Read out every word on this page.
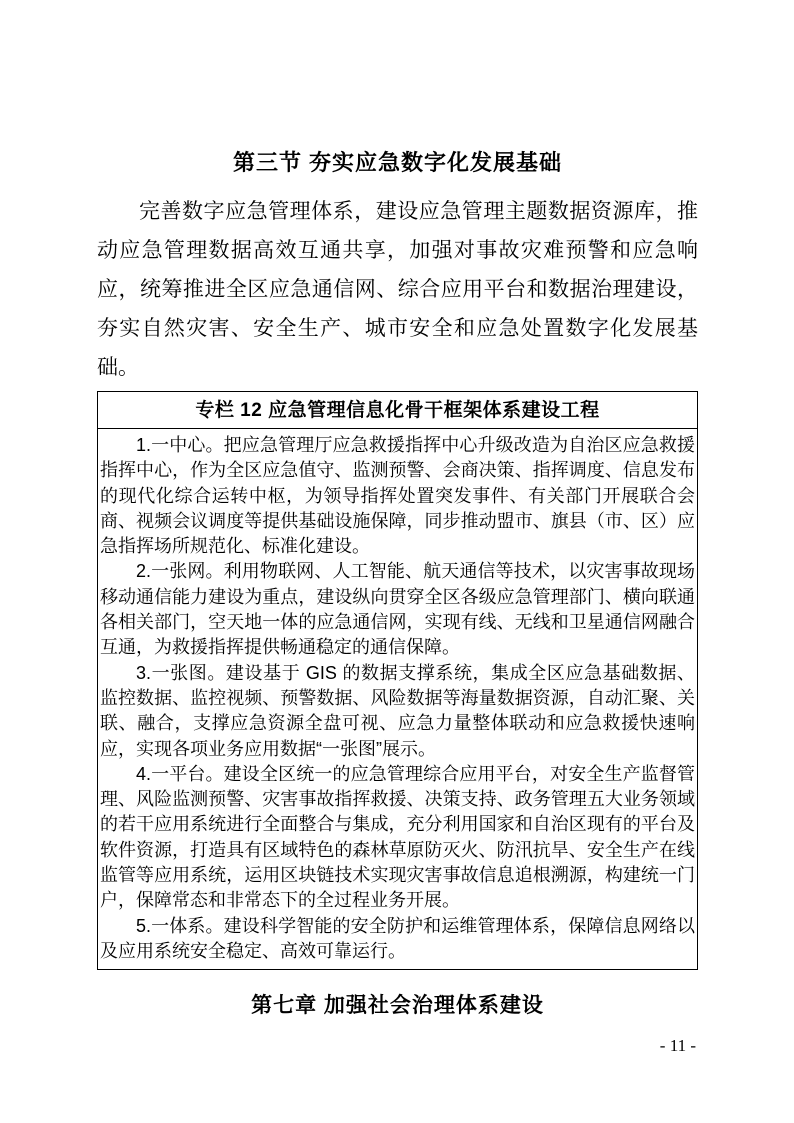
第三节 夯实应急数字化发展基础

完善数字应急管理体系，建设应急管理主题数据资源库，推动应急管理数据高效互通共享，加强对事故灾难预警和应急响应，统筹推进全区应急通信网、综合应用平台和数据治理建设，夯实自然灾害、安全生产、城市安全和应急处置数字化发展基础。

专栏 12 应急管理信息化骨干框架体系建设工程

1.一中心。把应急管理厅应急救援指挥中心升级改造为自治区应急救援指挥中心，作为全区应急值守、监测预警、会商决策、指挥调度、信息发布的现代化综合运转中枢，为领导指挥处置突发事件、有关部门开展联合会商、视频会议调度等提供基础设施保障，同步推动盟市、旗县（市、区）应急指挥场所规范化、标准化建设。

2.一张网。利用物联网、人工智能、航天通信等技术，以灾害事故现场移动通信能力建设为重点，建设纵向贯穿全区各级应急管理部门、横向联通各相关部门，空天地一体的应急通信网，实现有线、无线和卫星通信网融合互通，为救援指挥提供畅通稳定的通信保障。

3.一张图。建设基于 GIS 的数据支撑系统，集成全区应急基础数据、监控数据、监控视频、预警数据、风险数据等海量数据资源，自动汇聚、关联、融合，支撑应急资源全盘可视、应急力量整体联动和应急救援快速响应，实现各项业务应用数据“一张图”展示。

4.一平台。建设全区统一的应急管理综合应用平台，对安全生产监督管理、风险监测预警、灾害事故指挥救援、决策支持、政务管理五大业务领域的若干应用系统进行全面整合与集成，充分利用国家和自治区现有的平台及软件资源，打造具有区域特色的森林草原防灭火、防汛抗旱、安全生产在线监管等应用系统，运用区块链技术实现灾害事故信息追根溯源，构建统一门户，保障常态和非常态下的全过程业务开展。

5.一体系。建设科学智能的安全防护和运维管理体系，保障信息网络以及应用系统安全稳定、高效可靠运行。

第七章 加强社会治理体系建设
- 11 -
